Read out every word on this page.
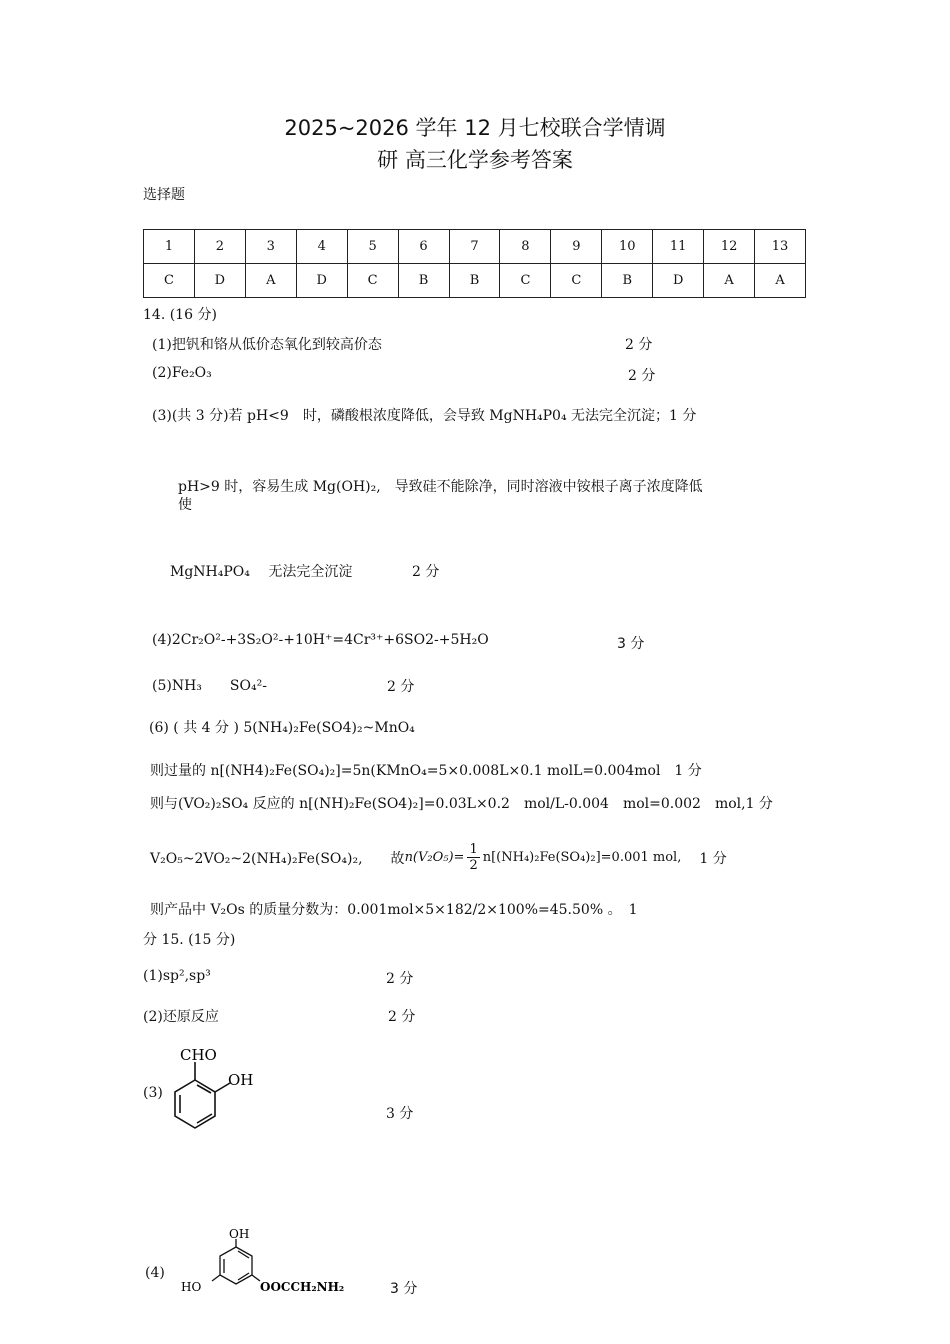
2025~2026 学年 12 月七校联合学情调
研 高三化学参考答案
选择题
1	2	3	4	5	6	7	8	9	10	11	12	13
C	D	A	D	C	B	B	C	C	B	D	A	A
14. (16 分)
(1)把钒和铬从低价态氧化到较高价态	2 分
(2)Fe₂O₃	2 分
(3)(共 3 分)若 pH<9　时，磷酸根浓度降低，会导致 MgNH₄P0₄ 无法完全沉淀；1 分
pH>9 时，容易生成 Mg(OH)₂,　导致硅不能除净，同时溶液中铵根子离子浓度降低
使
MgNH₄PO₄　 无法完全沉淀	2 分
(4)2Cr₂O²-+3S₂O²-+10H⁺=4Cr³⁺+6SO2-+5H₂O	3 分
(5)NH₃　　SO₄²-	2 分
(6) ( 共 4 分 ) 5(NH₄)₂Fe(SO4)₂~MnO₄
则过量的 n[(NH4)₂Fe(SO₄)₂]=5n(KMnO₄=5×0.008L×0.1 molL=0.004mol　1 分
则与(VO₂)₂SO₄ 反应的 n[(NH)₂Fe(SO4)₂]=0.03L×0.2　mol/L-0.004　mol=0.002　mol,1 分
V₂O₅~2VO₂~2(NH₄)₂Fe(SO₄)₂,　　故 $n(V_2O_5)= \frac{1}{2} n[(NH_4)_2Fe(SO_4)_2]=0.001$ mol, 1 分
则产品中 V₂Os 的质量分数为：0.001mol×5×182/2×100%=45.50% 。　1
分 15. (15 分)
(1)sp²,sp³	2 分
(2)还原反应	2 分
(3)
CHO
OH
3 分
(4)
OH
HO	OOCCH₂NH₂	3 分
